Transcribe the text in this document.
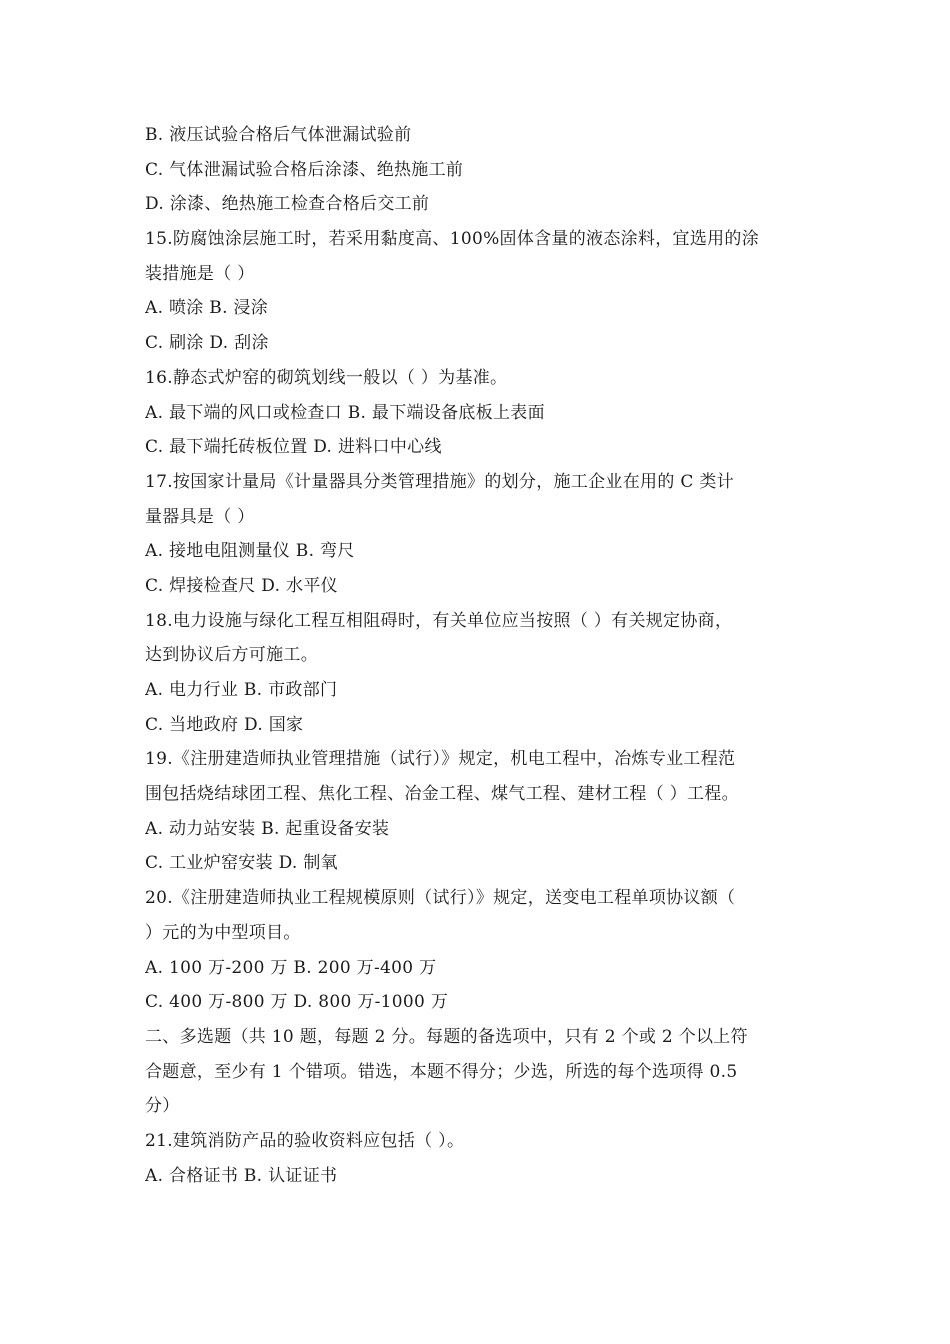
B. 液压试验合格后气体泄漏试验前
C. 气体泄漏试验合格后涂漆、绝热施工前
D. 涂漆、绝热施工检查合格后交工前
15.防腐蚀涂层施工时，若采用黏度高、100%固体含量的液态涂料，宜选用的涂
装措施是（ ）
A. 喷涂 B. 浸涂
C. 刷涂 D. 刮涂
16.静态式炉窑的砌筑划线一般以（ ）为基准。
A. 最下端的风口或检查口 B. 最下端设备底板上表面
C. 最下端托砖板位置 D. 进料口中心线
17.按国家计量局《计量器具分类管理措施》的划分，施工企业在用的 C 类计
量器具是（ ）
A. 接地电阻测量仪 B. 弯尺
C. 焊接检查尺 D. 水平仪
18.电力设施与绿化工程互相阻碍时，有关单位应当按照（ ）有关规定协商，
达到协议后方可施工。
A. 电力行业 B. 市政部门
C. 当地政府 D. 国家
19.《注册建造师执业管理措施（试行）》规定，机电工程中，冶炼专业工程范
围包括烧结球团工程、焦化工程、冶金工程、煤气工程、建材工程（ ）工程。
A. 动力站安装 B. 起重设备安装
C. 工业炉窑安装 D. 制氧
20.《注册建造师执业工程规模原则（试行）》规定，送变电工程单项协议额（
）元的为中型项目。
A. 100 万-200 万 B. 200 万-400 万
C. 400 万-800 万 D. 800 万-1000 万
二、多选题（共 10 题，每题 2 分。每题的备选项中，只有 2 个或 2 个以上符
合题意，至少有 1 个错项。错选，本题不得分；少选，所选的每个选项得 0.5
分）
21.建筑消防产品的验收资料应包括（ ）。
A. 合格证书 B. 认证证书
